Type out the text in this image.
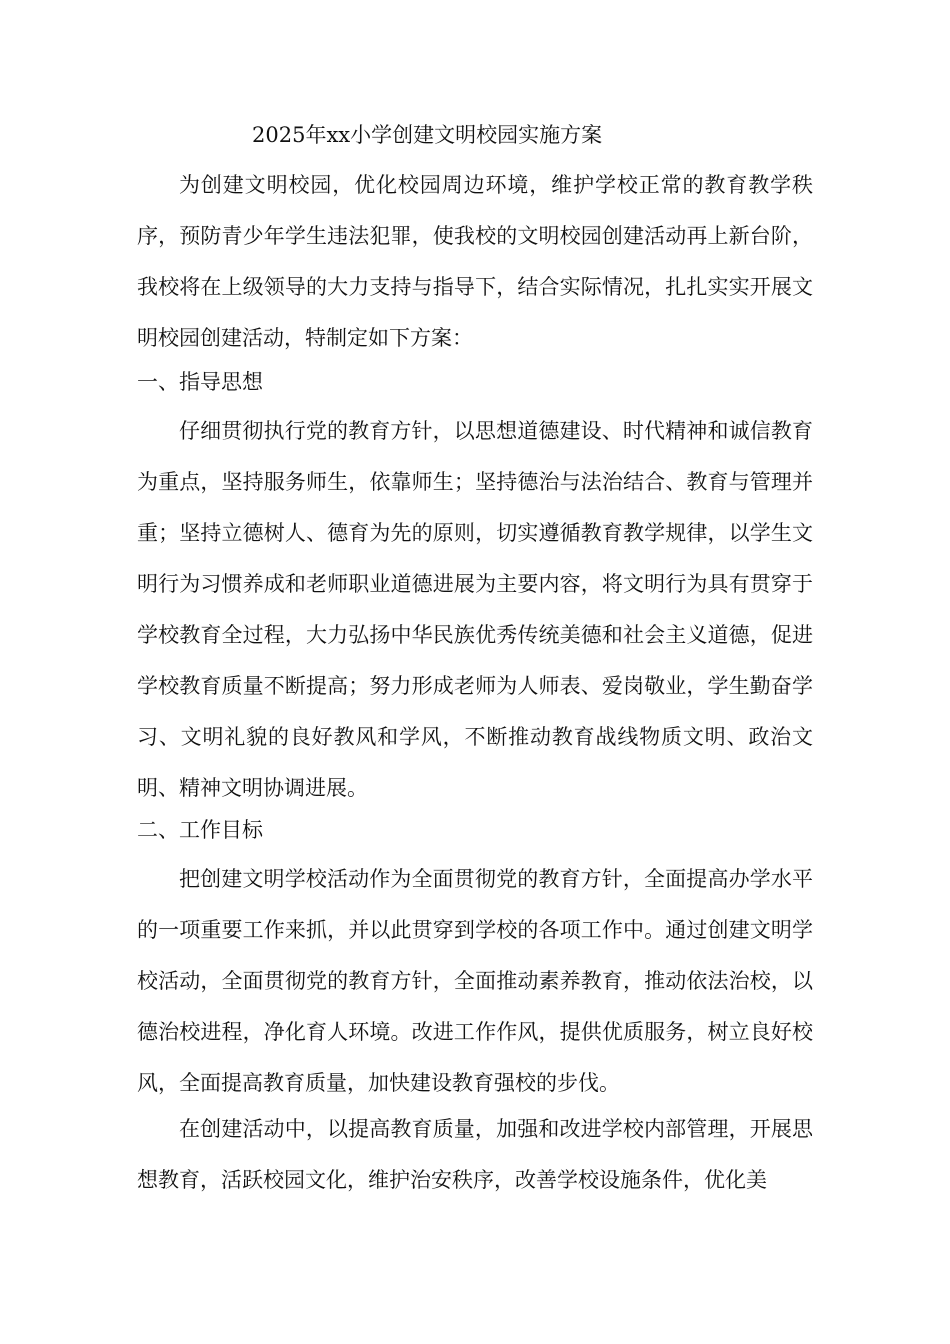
2025年xx小学创建文明校园实施方案

为创建文明校园，优化校园周边环境，维护学校正常的教育教学秩序，预防青少年学生违法犯罪，使我校的文明校园创建活动再上新台阶，我校将在上级领导的大力支持与指导下，结合实际情况，扎扎实实开展文明校园创建活动，特制定如下方案：

一、指导思想

仔细贯彻执行党的教育方针，以思想道德建设、时代精神和诚信教育为重点，坚持服务师生，依靠师生；坚持德治与法治结合、教育与管理并重；坚持立德树人、德育为先的原则，切实遵循教育教学规律，以学生文明行为习惯养成和老师职业道德进展为主要内容，将文明行为具有贯穿于学校教育全过程，大力弘扬中华民族优秀传统美德和社会主义道德，促进学校教育质量不断提高；努力形成老师为人师表、爱岗敬业，学生勤奋学习、文明礼貌的良好教风和学风，不断推动教育战线物质文明、政治文明、精神文明协调进展。

二、工作目标

把创建文明学校活动作为全面贯彻党的教育方针，全面提高办学水平的一项重要工作来抓，并以此贯穿到学校的各项工作中。通过创建文明学校活动，全面贯彻党的教育方针，全面推动素养教育，推动依法治校，以德治校进程，净化育人环境。改进工作作风，提供优质服务，树立良好校风，全面提高教育质量，加快建设教育强校的步伐。

在创建活动中，以提高教育质量，加强和改进学校内部管理，开展思想教育，活跃校园文化，维护治安秩序，改善学校设施条件，优化美
